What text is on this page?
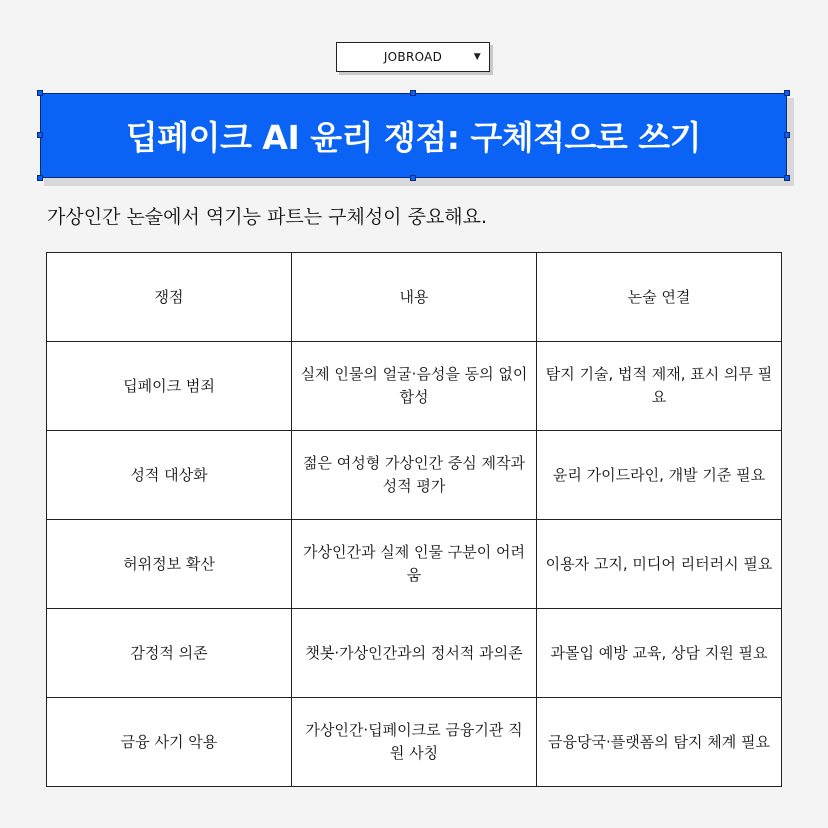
JOBROAD	▼
딥페이크 AI 윤리 쟁점: 구체적으로 쓰기
가상인간 논술에서 역기능 파트는 구체성이 중요해요.
쟁점	내용	논술 연결
딥페이크 범죄	실제 인물의 얼굴·음성을 동의 없이 합성	탐지 기술, 법적 제재, 표시 의무 필요
성적 대상화	젊은 여성형 가상인간 중심 제작과 성적 평가	윤리 가이드라인, 개발 기준 필요
허위정보 확산	가상인간과 실제 인물 구분이 어려움	이용자 고지, 미디어 리터러시 필요
감정적 의존	챗봇·가상인간과의 정서적 과의존	과몰입 예방 교육, 상담 지원 필요
금융 사기 악용	가상인간·딥페이크로 금융기관 직원 사칭	금융당국·플랫폼의 탐지 체계 필요
